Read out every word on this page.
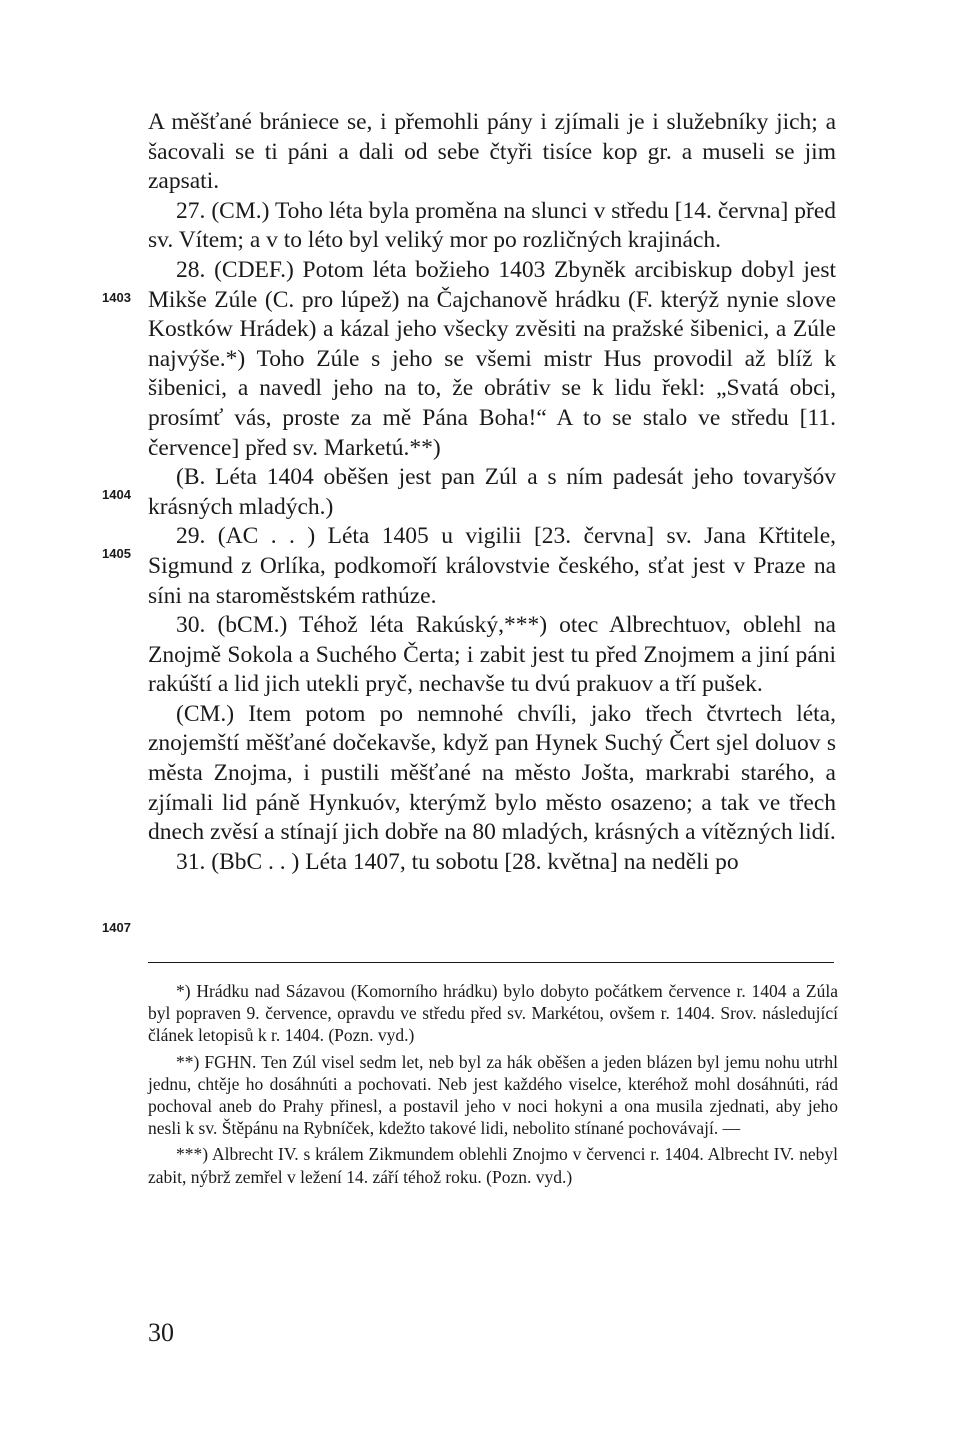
A měšťané brániece se, i přemohli pány i zjímali je i služebníky jich; a šacovali se ti páni a dali od sebe čtyři tisíce kop gr. a museli se jim zapsati.

27. (CM.) Toho léta byla proměna na slunci v středu [14. června] před sv. Vítem; a v to léto byl veliký mor po rozličných krajinách.

28. (CDEF.) Potom léta božieho 1403 Zbyněk arcibiskup dobyl jest Mikše Zúle (C. pro lúpež) na Čajchanově hrádku (F. kterýž nynie slove Kostków Hrádek) a kázal jeho všecky zvěsiti na pražské šibenici, a Zúle najvýše.*) Toho Zúle s jeho se všemi mistr Hus provodil až blíž k šibenici, a navedl jeho na to, že obrátiv se k lidu řekl: „Svatá obci, prosímť vás, proste za mě Pána Boha!“ A to se stalo ve středu [11. července] před sv. Marketú.**)

(B. Léta 1404 oběšen jest pan Zúl a s ním padesát jeho tovaryšóv krásných mladých.)

29. (AC . . ) Léta 1405 u vigilii [23. června] sv. Jana Křtitele, Sigmund z Orlíka, podkomoří královstvie českého, sťat jest v Praze na síni na staroměstském rathúze.

30. (bCM.) Téhož léta Rakúský,***) otec Albrechtuov, oblehl na Znojmě Sokola a Suchého Čerta; i zabit jest tu před Znojmem a jiní páni rakúští a lid jich utekli pryč, nechavše tu dvú prakuov a tří pušek.

(CM.) Item potom po nemnohé chvíli, jako třech čtvrtech léta, znojemští měšťané dočekavše, když pan Hynek Suchý Čert sjel doluov s města Znojma, i pustili měšťané na město Jošta, markrabi starého, a zjímali lid páně Hynkuóv, kterýmž bylo město osazeno; a tak ve třech dnech zvěsí a stínají jich dobře na 80 mladých, krásných a vítězných lidí.

31. (BbC . . ) Léta 1407, tu sobotu [28. května] na neděli po

1403
1404
1405
1407

*) Hrádku nad Sázavou (Komorního hrádku) bylo dobyto počátkem července r. 1404 a Zúla byl popraven 9. července, opravdu ve středu před sv. Markétou, ovšem r. 1404. Srov. následující článek letopisů k r. 1404. (Pozn. vyd.)

**) FGHN. Ten Zúl visel sedm let, neb byl za hák oběšen a jeden blázen byl jemu nohu utrhl jednu, chtěje ho dosáhnúti a pochovati. Neb jest každého viselce, kteréhož mohl dosáhnúti, rád pochoval aneb do Prahy přinesl, a postavil jeho v noci hokyni a ona musila zjednati, aby jeho nesli k sv. Štěpánu na Rybníček, kdežto takové lidi, nebolito stínané pochovávají. —

***) Albrecht IV. s králem Zikmundem oblehli Znojmo v červenci r. 1404. Albrecht IV. nebyl zabit, nýbrž zemřel v ležení 14. září téhož roku. (Pozn. vyd.)

30
